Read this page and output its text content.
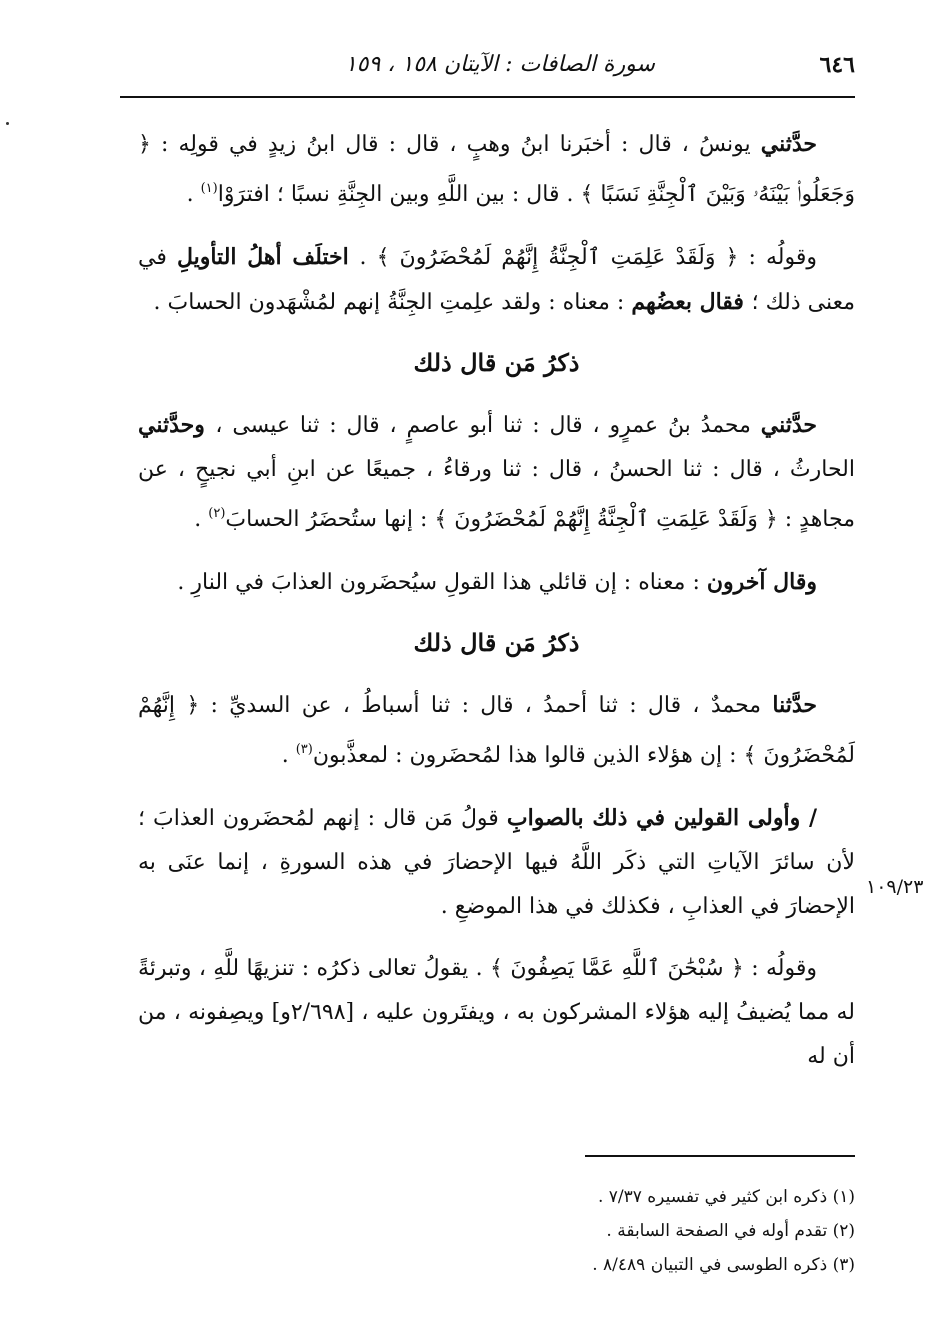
٦٤٦
سورة الصافات : الآيتان ١٥٨ ، ١٥٩

حدَّثني يونسُ ، قال : أخبَرنا ابنُ وهبٍ ، قال : قال ابنُ زيدٍ في قولِه : ﴿ وَجَعَلُوا۟ بَيْنَهُۥ وَبَيْنَ ٱلْجِنَّةِ نَسَبًا ﴾ . قال : بين اللَّهِ وبين الجِنَّةِ نسبًا ؛ افترَوْا$^{(١)}$ .

وقولُه : ﴿ وَلَقَدْ عَلِمَتِ ٱلْجِنَّةُ إِنَّهُمْ لَمُحْضَرُونَ ﴾ . اختلَف أهلُ التأويلِ في معنى ذلك ؛ فقال بعضُهم : معناه : ولقد علِمتِ الجِنَّةُ إنهم لمُشْهَدون الحسابَ .

ذكرُ مَن قال ذلك

حدَّثني محمدُ بنُ عمرٍو ، قال : ثنا أبو عاصمٍ ، قال : ثنا عيسى ، وحدَّثني الحارثُ ، قال : ثنا الحسنُ ، قال : ثنا ورقاءُ ، جميعًا عن ابنِ أبي نجيحٍ ، عن مجاهدٍ : ﴿ وَلَقَدْ عَلِمَتِ ٱلْجِنَّةُ إِنَّهُمْ لَمُحْضَرُونَ ﴾ : إنها ستُحضَرُ الحسابَ$^{(٢)}$ .

وقال آخرون : معناه : إن قائلي هذا القولِ سيُحضَرون العذابَ في النارِ .

ذكرُ مَن قال ذلك

حدَّثنا محمدٌ ، قال : ثنا أحمدُ ، قال : ثنا أسباطُ ، عن السديِّ : ﴿ إِنَّهُمْ لَمُحْضَرُونَ ﴾ : إن هؤلاء الذين قالوا هذا لمُحضَرون : لمعذَّبون$^{(٣)}$ .

/ وأولى القولين في ذلك بالصوابِ قولُ مَن قال : إنهم لمُحضَرون العذابَ ؛ لأن سائرَ الآياتِ التي ذكَر اللَّهُ فيها الإحضارَ في هذه السورةِ ، إنما عنَى به الإحضارَ في العذابِ ، فكذلك في هذا الموضعِ .

وقولُه : ﴿ سُبْحَٰنَ ٱللَّهِ عَمَّا يَصِفُونَ ﴾ . يقولُ تعالى ذكرُه : تنزيهًا للَّهِ ، وتبرئةً له مما يُضيفُ إليه هؤلاء المشركون به ، ويفتَرون عليه ، [٢/٦٩٨و] ويصِفونه ، من أن له

١٠٩/٢٣
(١) ذكره ابن كثير في تفسيره ٧/٣٧ .
(٢) تقدم أوله في الصفحة السابقة .
(٣) ذكره الطوسى في التبيان ٨/٤٨٩ .
